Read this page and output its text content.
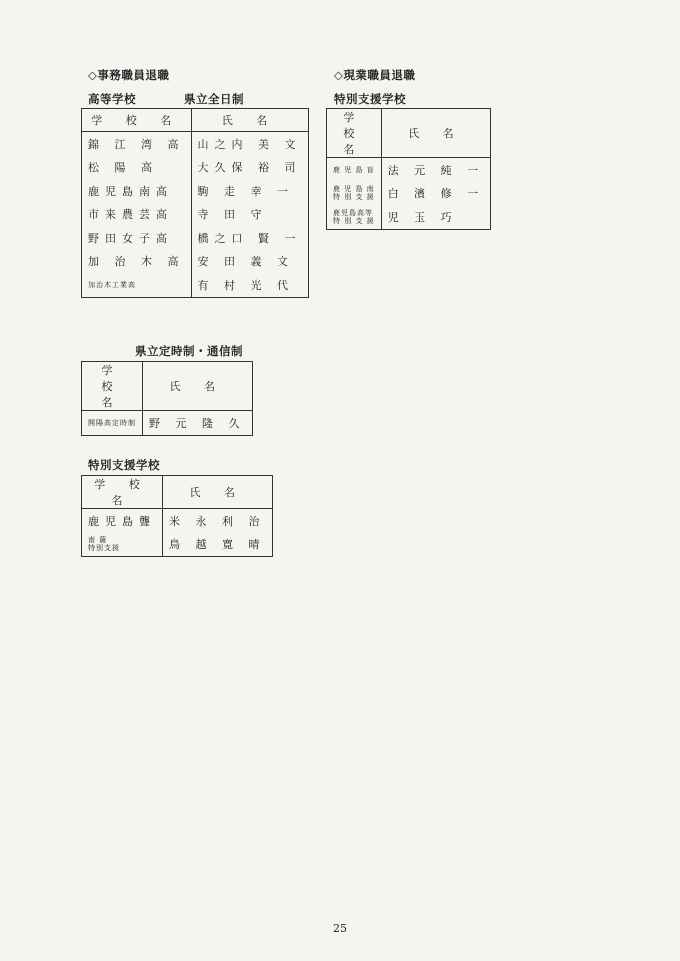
◇事務職員退職
高等学校	県立全日制
学 校 名	氏 名
錦 江 湾 高	山之内 美 文
松 陽 高	大久保 裕 司
鹿児島南高	駒 走 幸 一
市来農芸高	寺 田 守
野田女子高	橋之口 賢 一
加 治 木 高	安 田 義 文
加治木工業高	有 村 光 代
県立定時制・通信制
学 校 名	氏 名
開陽高定時制	野 元 隆 久
特別支援学校
学 校 名	氏 名
鹿児島聾	米 永 利 治
南 薩
特別支援	鳥 越 寛 晴
◇現業職員退職
特別支援学校
学 校 名	氏 名
鹿 児 島 盲	法 元 純 一
鹿 児 島 南
特 別 支 援	白 濱 修 一
鹿児島高等
特 別 支 援	児 玉 巧
25
